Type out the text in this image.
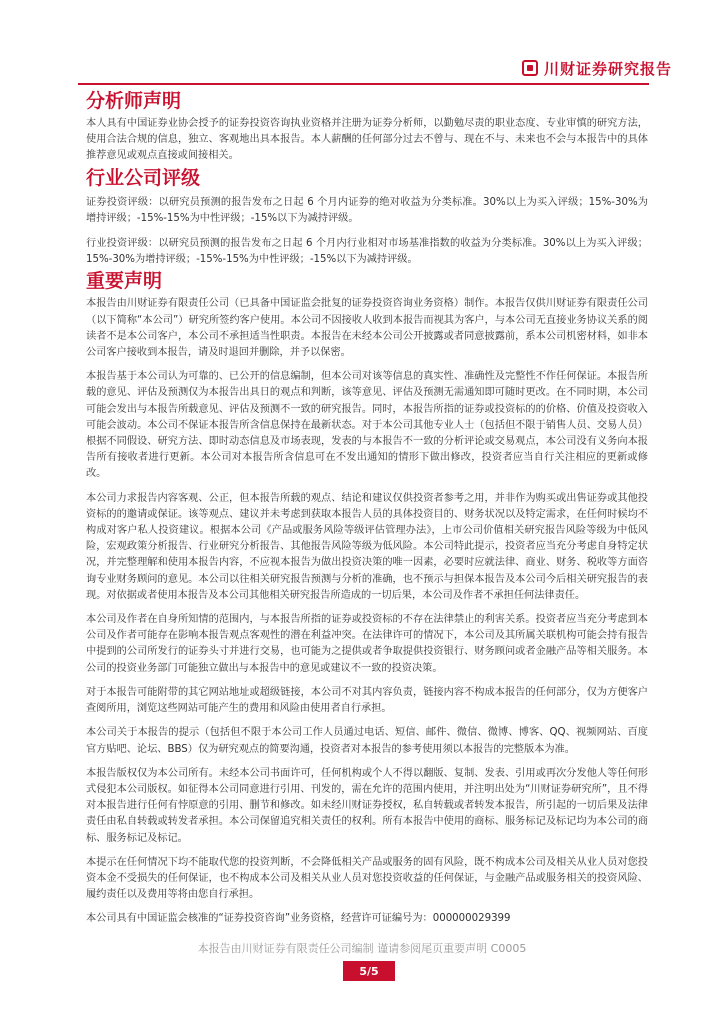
川财证券研究报告
分析师声明

本人具有中国证券业协会授予的证券投资咨询执业资格并注册为证券分析师，以勤勉尽责的职业态度、专业审慎的研究方法，使用合法合规的信息，独立、客观地出具本报告。本人薪酬的任何部分过去不曾与、现在不与、未来也不会与本报告中的具体推荐意见或观点直接或间接相关。

行业公司评级

证券投资评级：以研究员预测的报告发布之日起 6 个月内证券的绝对收益为分类标准。30%以上为买入评级；15%-30%为增持评级；-15%-15%为中性评级；-15%以下为减持评级。

行业投资评级：以研究员预测的报告发布之日起 6 个月内行业相对市场基准指数的收益为分类标准。30%以上为买入评级；15%-30%为增持评级；-15%-15%为中性评级；-15%以下为减持评级。

重要声明

本报告由川财证券有限责任公司（已具备中国证监会批复的证券投资咨询业务资格）制作。本报告仅供川财证券有限责任公司（以下简称“本公司”）研究所签约客户使用。本公司不因接收人收到本报告而视其为客户，与本公司无直接业务协议关系的阅读者不是本公司客户，本公司不承担适当性职责。本报告在未经本公司公开披露或者同意披露前，系本公司机密材料，如非本公司客户接收到本报告，请及时退回并删除，并予以保密。

本报告基于本公司认为可靠的、已公开的信息编制，但本公司对该等信息的真实性、准确性及完整性不作任何保证。本报告所载的意见、评估及预测仅为本报告出具日的观点和判断，该等意见、评估及预测无需通知即可随时更改。在不同时期，本公司可能会发出与本报告所载意见、评估及预测不一致的研究报告。同时，本报告所指的证券或投资标的的价格、价值及投资收入可能会波动。本公司不保证本报告所含信息保持在最新状态。对于本公司其他专业人士（包括但不限于销售人员、交易人员）根据不同假设、研究方法、即时动态信息及市场表现，发表的与本报告不一致的分析评论或交易观点，本公司没有义务向本报告所有接收者进行更新。本公司对本报告所含信息可在不发出通知的情形下做出修改，投资者应当自行关注相应的更新或修改。

本公司力求报告内容客观、公正，但本报告所载的观点、结论和建议仅供投资者参考之用，并非作为购买或出售证券或其他投资标的的邀请或保证。该等观点、建议并未考虑到获取本报告人员的具体投资目的、财务状况以及特定需求，在任何时候均不构成对客户私人投资建议。根据本公司《产品或服务风险等级评估管理办法》，上市公司价值相关研究报告风险等级为中低风险，宏观政策分析报告、行业研究分析报告、其他报告风险等级为低风险。本公司特此提示，投资者应当充分考虑自身特定状况，并完整理解和使用本报告内容，不应视本报告为做出投资决策的唯一因素，必要时应就法律、商业、财务、税收等方面咨询专业财务顾问的意见。本公司以往相关研究报告预测与分析的准确，也不预示与担保本报告及本公司今后相关研究报告的表现。对依据或者使用本报告及本公司其他相关研究报告所造成的一切后果，本公司及作者不承担任何法律责任。

本公司及作者在自身所知情的范围内，与本报告所指的证券或投资标的不存在法律禁止的利害关系。投资者应当充分考虑到本公司及作者可能存在影响本报告观点客观性的潜在利益冲突。在法律许可的情况下，本公司及其所属关联机构可能会持有报告中提到的公司所发行的证券头寸并进行交易，也可能为之提供或者争取提供投资银行、财务顾问或者金融产品等相关服务。本公司的投资业务部门可能独立做出与本报告中的意见或建议不一致的投资决策。

对于本报告可能附带的其它网站地址或超级链接，本公司不对其内容负责，链接内容不构成本报告的任何部分，仅为方便客户查阅所用，浏览这些网站可能产生的费用和风险由使用者自行承担。

本公司关于本报告的提示（包括但不限于本公司工作人员通过电话、短信、邮件、微信、微博、博客、QQ、视频网站、百度官方贴吧、论坛、BBS）仅为研究观点的简要沟通，投资者对本报告的参考使用须以本报告的完整版本为准。

本报告版权仅为本公司所有。未经本公司书面许可，任何机构或个人不得以翻版、复制、发表、引用或再次分发他人等任何形式侵犯本公司版权。如征得本公司同意进行引用、刊发的，需在允许的范围内使用，并注明出处为“川财证券研究所”，且不得对本报告进行任何有悖原意的引用、删节和修改。如未经川财证券授权，私自转载或者转发本报告，所引起的一切后果及法律责任由私自转载或转发者承担。本公司保留追究相关责任的权利。所有本报告中使用的商标、服务标记及标记均为本公司的商标、服务标记及标记。

本提示在任何情况下均不能取代您的投资判断，不会降低相关产品或服务的固有风险，既不构成本公司及相关从业人员对您投资本金不受损失的任何保证，也不构成本公司及相关从业人员对您投资收益的任何保证，与金融产品或服务相关的投资风险、履约责任以及费用等将由您自行承担。

本公司具有中国证监会核准的“证券投资咨询”业务资格，经营许可证编号为：000000029399

本报告由川财证券有限责任公司编制 谨请参阅尾页重要声明 C0005
5/5
